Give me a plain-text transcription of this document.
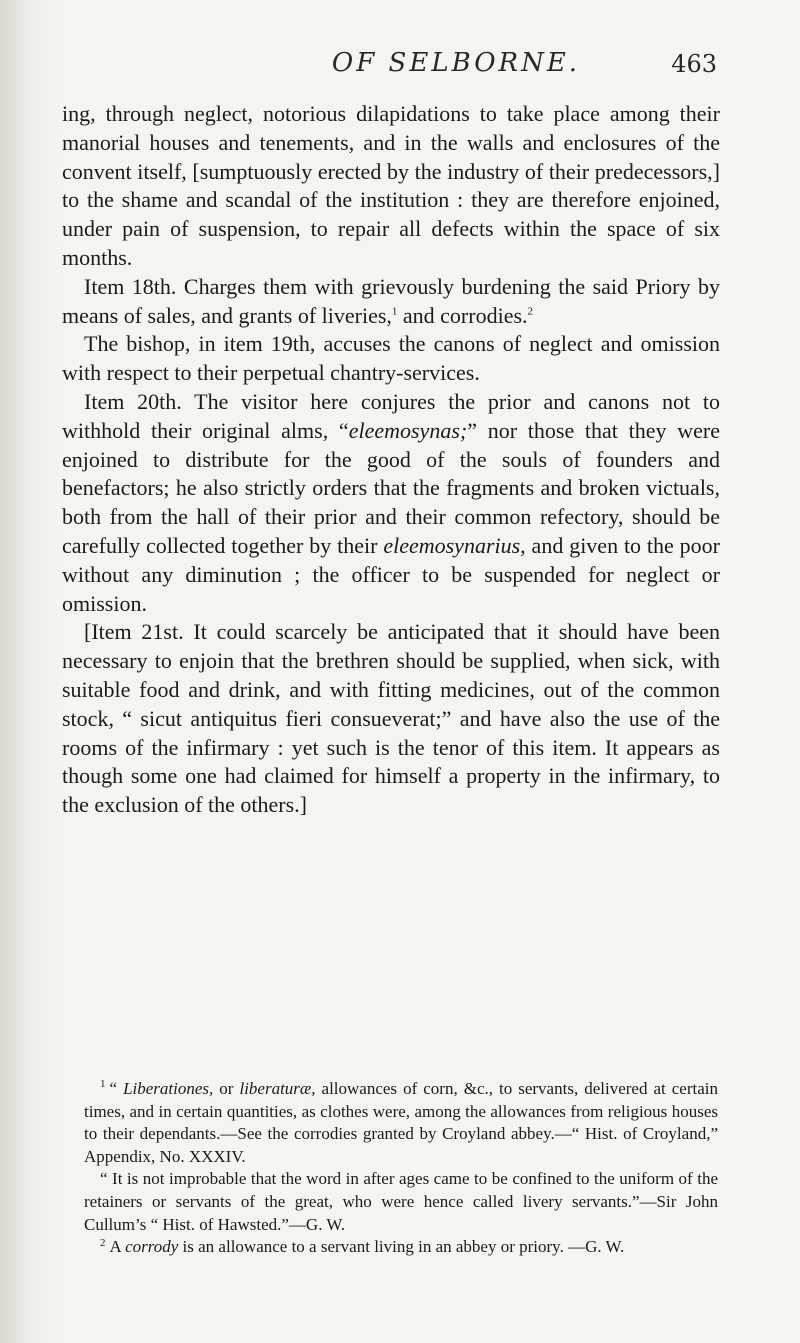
OF SELBORNE.	463

ing, through neglect, notorious dilapidations to take place among their manorial houses and tenements, and in the walls and enclosures of the convent itself, [sumptuously erected by the industry of their predecessors,] to the shame and scandal of the institution : they are therefore enjoined, under pain of suspension, to repair all defects within the space of six months.

Item 18th. Charges them with grievously burdening the said Priory by means of sales, and grants of liveries,$^1$ and corrodies.$^2$

The bishop, in item 19th, accuses the canons of neglect and omission with respect to their perpetual chantry-services.

Item 20th. The visitor here conjures the prior and canons not to withhold their original alms, “eleemosynas;” nor those that they were enjoined to distribute for the good of the souls of founders and benefactors; he also strictly orders that the fragments and broken victuals, both from the hall of their prior and their common refectory, should be carefully collected together by their eleemosynarius, and given to the poor without any diminution ; the officer to be suspended for neglect or omission.

[Item 21st. It could scarcely be anticipated that it should have been necessary to enjoin that the brethren should be supplied, when sick, with suitable food and drink, and with fitting medicines, out of the common stock, “ sicut antiquitus fieri consueverat;” and have also the use of the rooms of the infirmary : yet such is the tenor of this item. It appears as though some one had claimed for himself a property in the infirmary, to the exclusion of the others.]

$^1$ “ Liberationes, or liberaturæ, allowances of corn, &c., to servants, delivered at certain times, and in certain quantities, as clothes were, among the allowances from religious houses to their dependants.—See the corrodies granted by Croyland abbey.—“ Hist. of Croyland,” Appendix, No. XXXIV.

“ It is not improbable that the word in after ages came to be confined to the uniform of the retainers or servants of the great, who were hence called livery servants.”—Sir John Cullum’s “ Hist. of Hawsted.”—G. W.

$^2$ A corrody is an allowance to a servant living in an abbey or priory. —G. W.
